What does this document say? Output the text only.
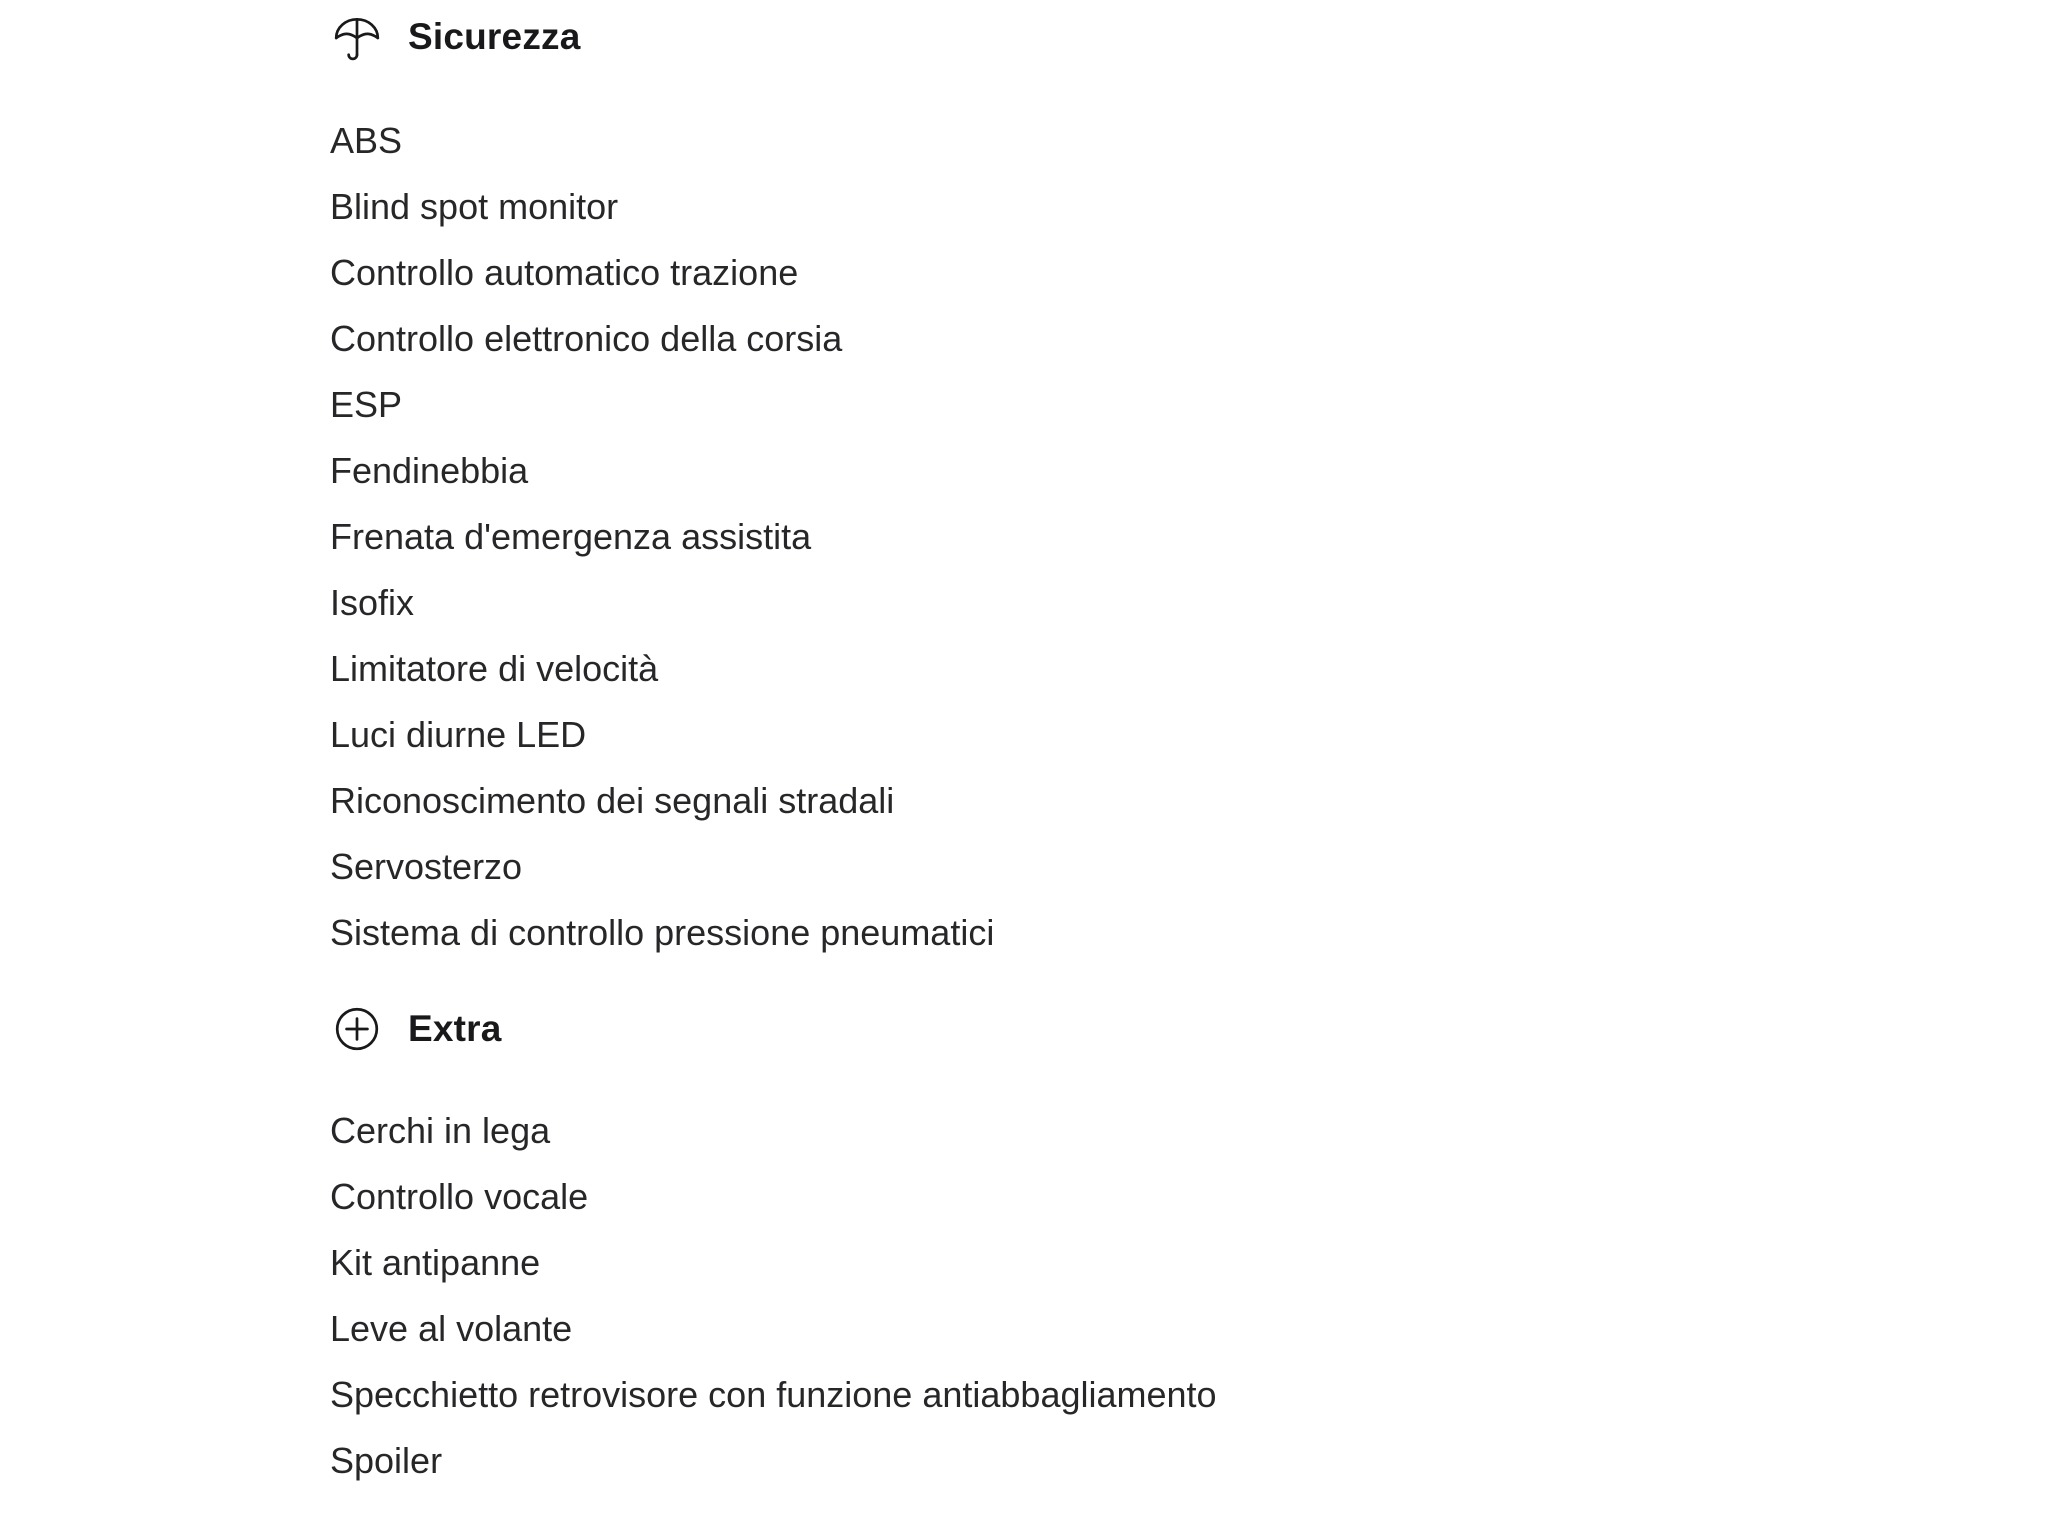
Sicurezza
ABS
Blind spot monitor
Controllo automatico trazione
Controllo elettronico della corsia
ESP
Fendinebbia
Frenata d'emergenza assistita
Isofix
Limitatore di velocità
Luci diurne LED
Riconoscimento dei segnali stradali
Servosterzo
Sistema di controllo pressione pneumatici
Extra
Cerchi in lega
Controllo vocale
Kit antipanne
Leve al volante
Specchietto retrovisore con funzione antiabbagliamento
Spoiler
